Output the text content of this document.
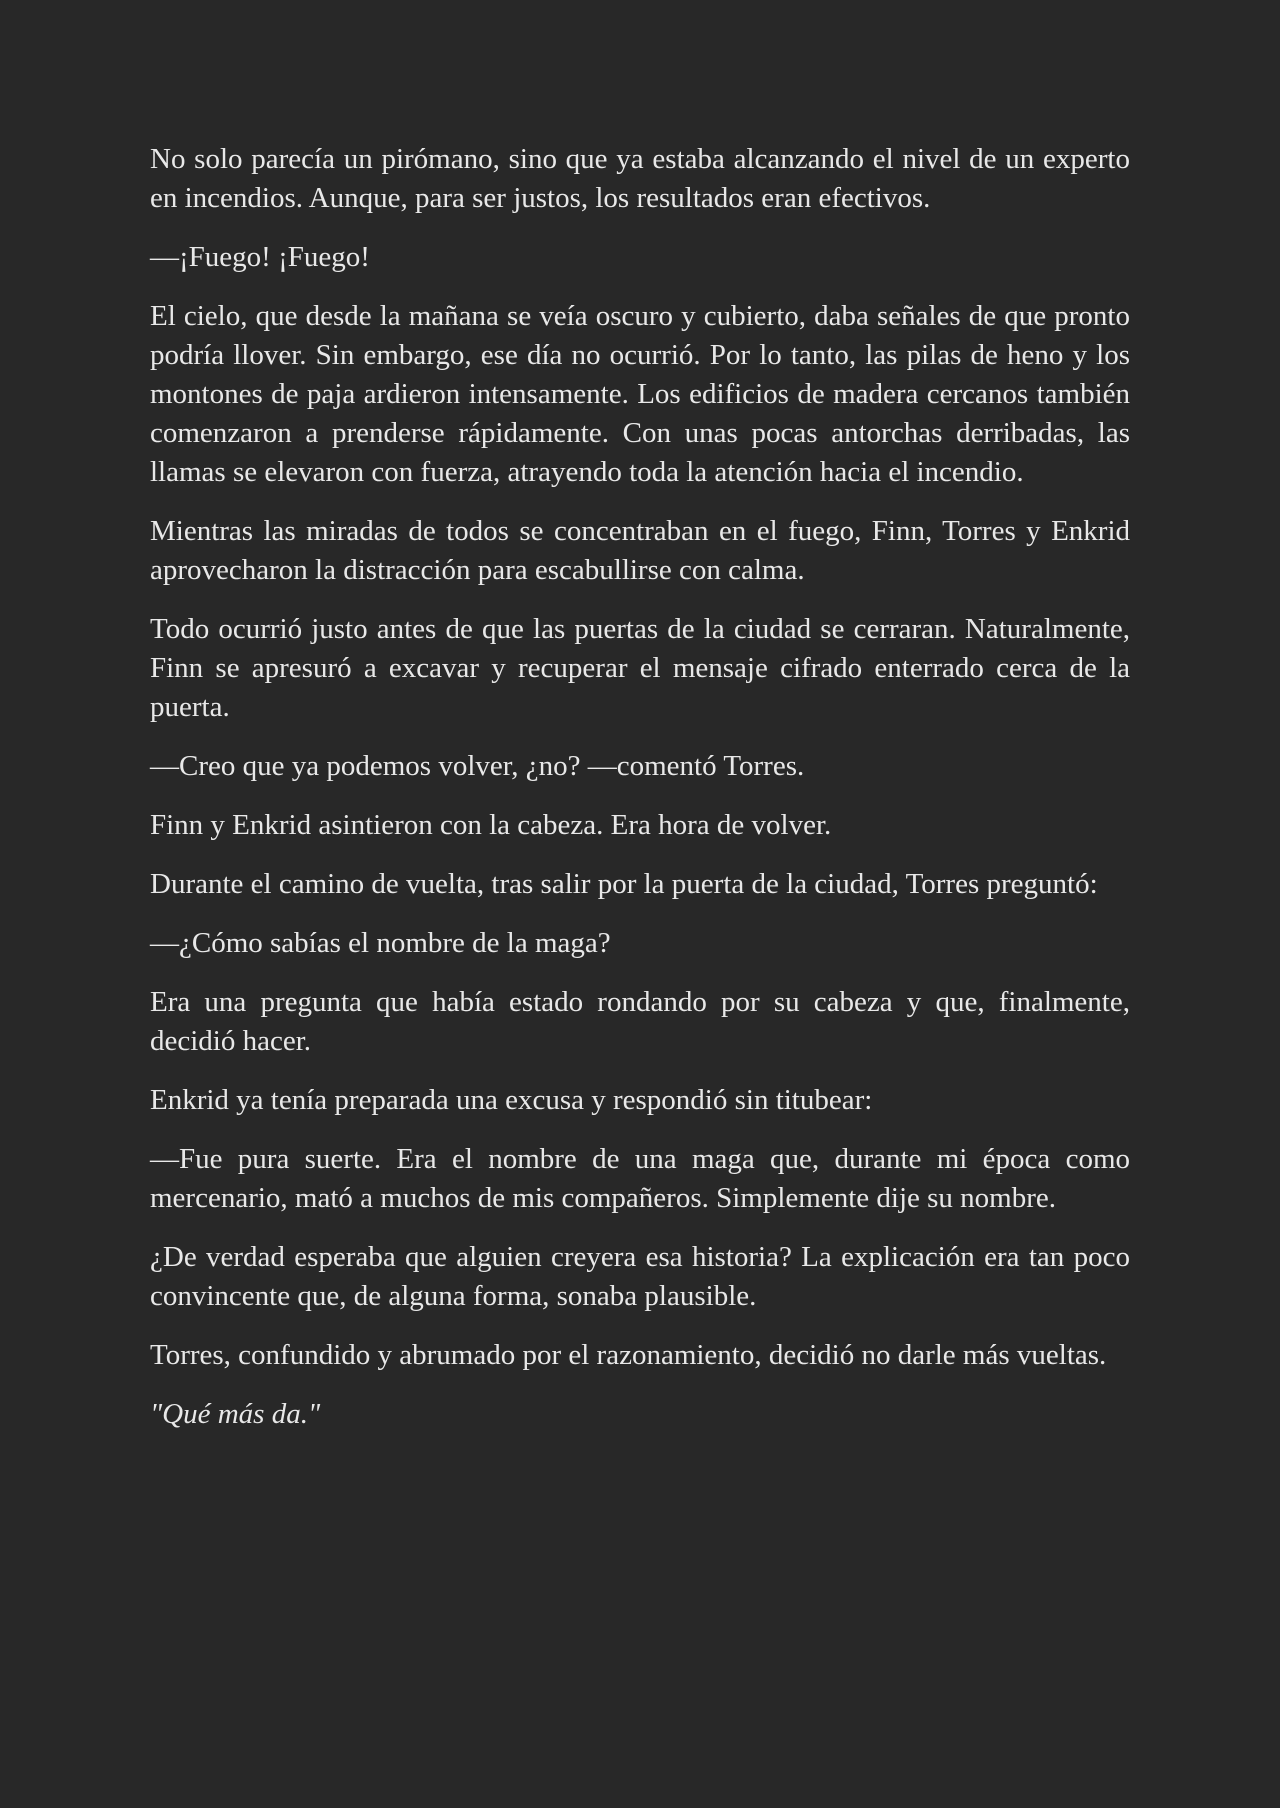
No solo parecía un pirómano, sino que ya estaba alcanzando el nivel de un experto en incendios. Aunque, para ser justos, los resultados eran efectivos.

—¡Fuego! ¡Fuego!

El cielo, que desde la mañana se veía oscuro y cubierto, daba señales de que pronto podría llover. Sin embargo, ese día no ocurrió. Por lo tanto, las pilas de heno y los montones de paja ardieron intensamente. Los edificios de madera cercanos también comenzaron a prenderse rápidamente. Con unas pocas antorchas derribadas, las llamas se elevaron con fuerza, atrayendo toda la atención hacia el incendio.

Mientras las miradas de todos se concentraban en el fuego, Finn, Torres y Enkrid aprovecharon la distracción para escabullirse con calma.

Todo ocurrió justo antes de que las puertas de la ciudad se cerraran. Naturalmente, Finn se apresuró a excavar y recuperar el mensaje cifrado enterrado cerca de la puerta.

—Creo que ya podemos volver, ¿no? —comentó Torres.

Finn y Enkrid asintieron con la cabeza. Era hora de volver.

Durante el camino de vuelta, tras salir por la puerta de la ciudad, Torres preguntó:

—¿Cómo sabías el nombre de la maga?

Era una pregunta que había estado rondando por su cabeza y que, finalmente, decidió hacer.

Enkrid ya tenía preparada una excusa y respondió sin titubear:

—Fue pura suerte. Era el nombre de una maga que, durante mi época como mercenario, mató a muchos de mis compañeros. Simplemente dije su nombre.

¿De verdad esperaba que alguien creyera esa historia? La explicación era tan poco convincente que, de alguna forma, sonaba plausible.

Torres, confundido y abrumado por el razonamiento, decidió no darle más vueltas.

"Qué más da."
